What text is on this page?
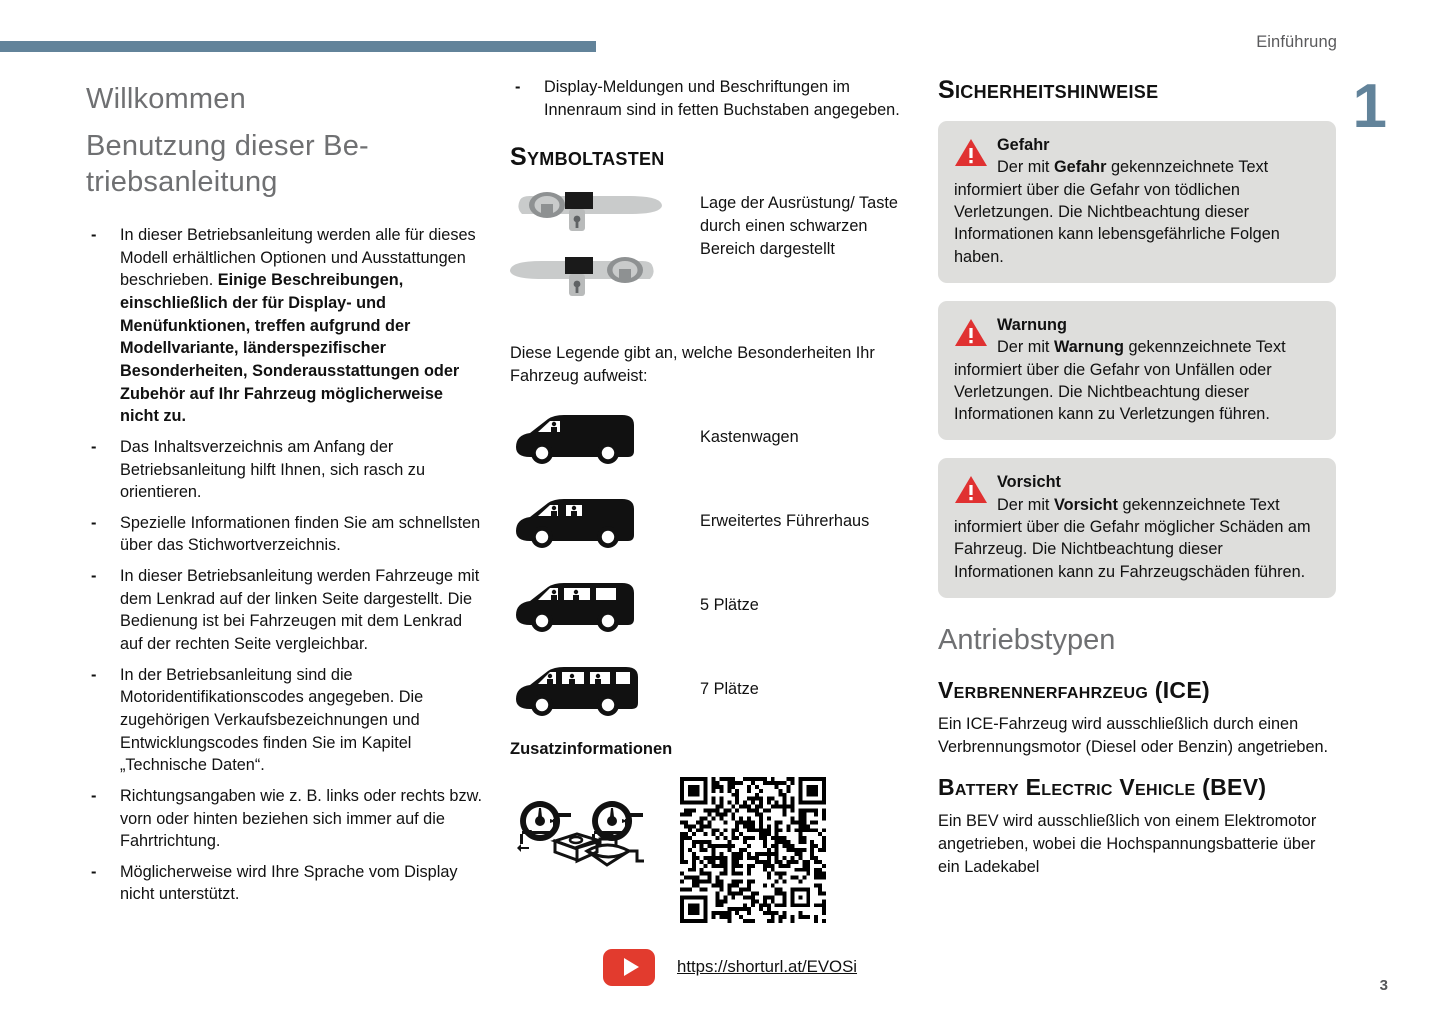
Einführung
1
3
Willkommen
Benutzung dieser Be-
triebsanleitung
- In dieser Betriebsanleitung werden alle für dieses Modell erhältlichen Optionen und Ausstattungen beschrieben. Einige Beschreibungen, einschließlich der für Display- und Menüfunktionen, treffen aufgrund der Modellvariante, länderspezifischer Besonderheiten, Sonderausstattungen oder Zubehör auf Ihr Fahrzeug möglicherweise nicht zu.
- Das Inhaltsverzeichnis am Anfang der Betriebsanleitung hilft Ihnen, sich rasch zu orientieren.
- Spezielle Informationen finden Sie am schnellsten über das Stichwortverzeichnis.
- In dieser Betriebsanleitung werden Fahrzeuge mit dem Lenkrad auf der linken Seite dargestellt. Die Bedienung ist bei Fahrzeugen mit dem Lenkrad auf der rechten Seite vergleichbar.
- In der Betriebsanleitung sind die Motoridentifikationscodes angegeben. Die zugehörigen Verkaufsbezeichnungen und Entwicklungscodes finden Sie im Kapitel „Technische Daten“.
- Richtungsangaben wie z. B. links oder rechts bzw. vorn oder hinten beziehen sich immer auf die Fahrtrichtung.
- Möglicherweise wird Ihre Sprache vom Display nicht unterstützt.
- Display-Meldungen und Beschriftungen im Innenraum sind in fetten Buchstaben angegeben.
Symboltasten

Lage der Ausrüstung/ Taste durch einen schwarzen Bereich dargestellt

Diese Legende gibt an, welche Besonderheiten Ihr Fahrzeug aufweist:

Kastenwagen
Erweitertes Führerhaus
5 Plätze
7 Plätze
Zusatzinformationen
https://shorturl.at/EVOSi
Sicherheitshinweise

Gefahr
Der mit Gefahr gekennzeichnete Text informiert über die Gefahr von tödlichen Verletzungen. Die Nichtbeachtung dieser Informationen kann lebensgefährliche Folgen haben.

Warnung
Der mit Warnung gekennzeichnete Text informiert über die Gefahr von Unfällen oder Verletzungen. Die Nichtbeachtung dieser Informationen kann zu Verletzungen führen.

Vorsicht
Der mit Vorsicht gekennzeichnete Text informiert über die Gefahr möglicher Schäden am Fahrzeug. Die Nichtbeachtung dieser Informationen kann zu Fahrzeugschäden führen.

Antriebstypen
Verbrennerfahrzeug (ICE)

Ein ICE-Fahrzeug wird ausschließlich durch einen Verbrennungsmotor (Diesel oder Benzin) angetrieben.

Battery Electric Vehicle (BEV)

Ein BEV wird ausschließlich von einem Elektromotor angetrieben, wobei die Hochspannungsbatterie über ein Ladekabel
